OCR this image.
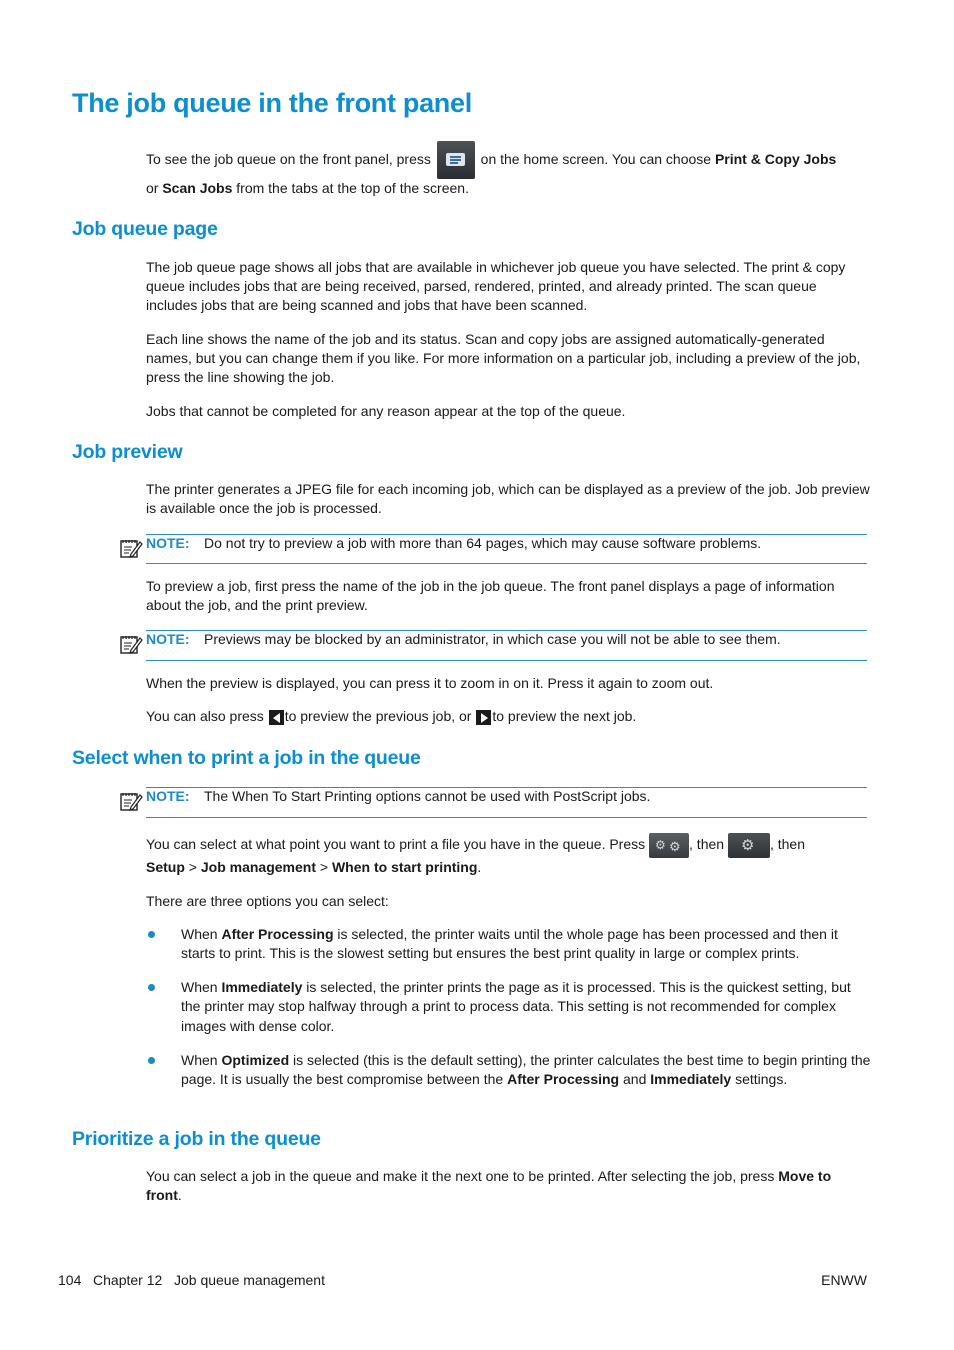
The job queue in the front panel
To see the job queue on the front panel, press	on the home screen. You can choose Print & Copy Jobs
or Scan Jobs from the tabs at the top of the screen.
Job queue page

The job queue page shows all jobs that are available in whichever job queue you have selected. The print & copy queue includes jobs that are being received, parsed, rendered, printed, and already printed. The scan queue includes jobs that are being scanned and jobs that have been scanned.

Each line shows the name of the job and its status. Scan and copy jobs are assigned automatically-generated names, but you can change them if you like. For more information on a particular job, including a preview of the job, press the line showing the job.

Jobs that cannot be completed for any reason appear at the top of the queue.

Job preview

The printer generates a JPEG file for each incoming job, which can be displayed as a preview of the job. Job preview is available once the job is processed.

NOTE: Do not try to preview a job with more than 64 pages, which may cause software problems.

To preview a job, first press the name of the job in the job queue. The front panel displays a page of information about the job, and the print preview.

NOTE: Previews may be blocked by an administrator, in which case you will not be able to see them.

When the preview is displayed, you can press it to zoom in on it. Press it again to zoom out.

You can also press to preview the previous job, or to preview the next job.
Select when to print a job in the queue
NOTE: The When To Start Printing options cannot be used with PostScript jobs.
You can select at what point you want to print a file you have in the queue. Press ⚙ ⚙ , then ⚙ , then
Setup > Job management > When to start printing.

There are three options you can select:

When After Processing is selected, the printer waits until the whole page has been processed and then it starts to print. This is the slowest setting but ensures the best print quality in large or complex prints.

When Immediately is selected, the printer prints the page as it is processed. This is the quickest setting, but the printer may stop halfway through a print to process data. This setting is not recommended for complex images with dense color.

When Optimized is selected (this is the default setting), the printer calculates the best time to begin printing the page. It is usually the best compromise between the After Processing and Immediately settings.

Prioritize a job in the queue

You can select a job in the queue and make it the next one to be printed. After selecting the job, press Move to front.

104 Chapter 12 Job queue management	ENWW
